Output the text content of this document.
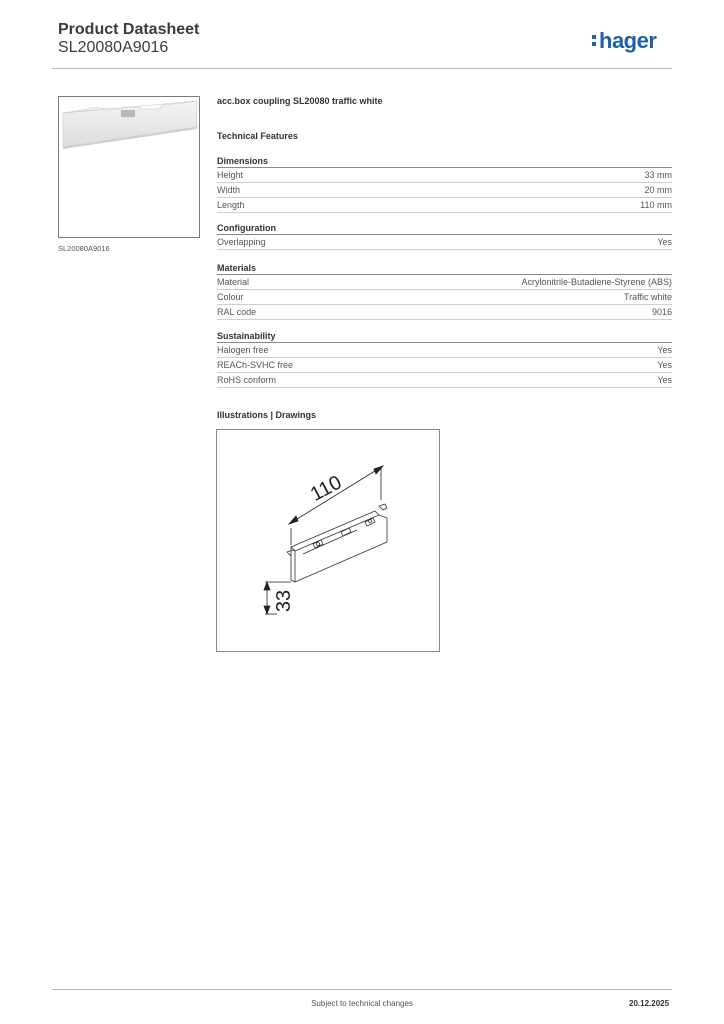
Product Datasheet
SL20080A9016	hager
SL20080A9016
acc.box coupling SL20080 traffic white
Technical Features
Dimensions
Height	33 mm
Width	20 mm
Length	110 mm
Configuration
Overlapping	Yes
Materials
Material	Acrylonitrile-Butadiene-Styrene (ABS)
Colour	Traffic white
RAL code	9016
Sustainability
Halogen free	Yes
REACh-SVHC free	Yes
RoHS conform	Yes
Illustrations | Drawings
110
33
Subject to technical changes	20.12.2025
